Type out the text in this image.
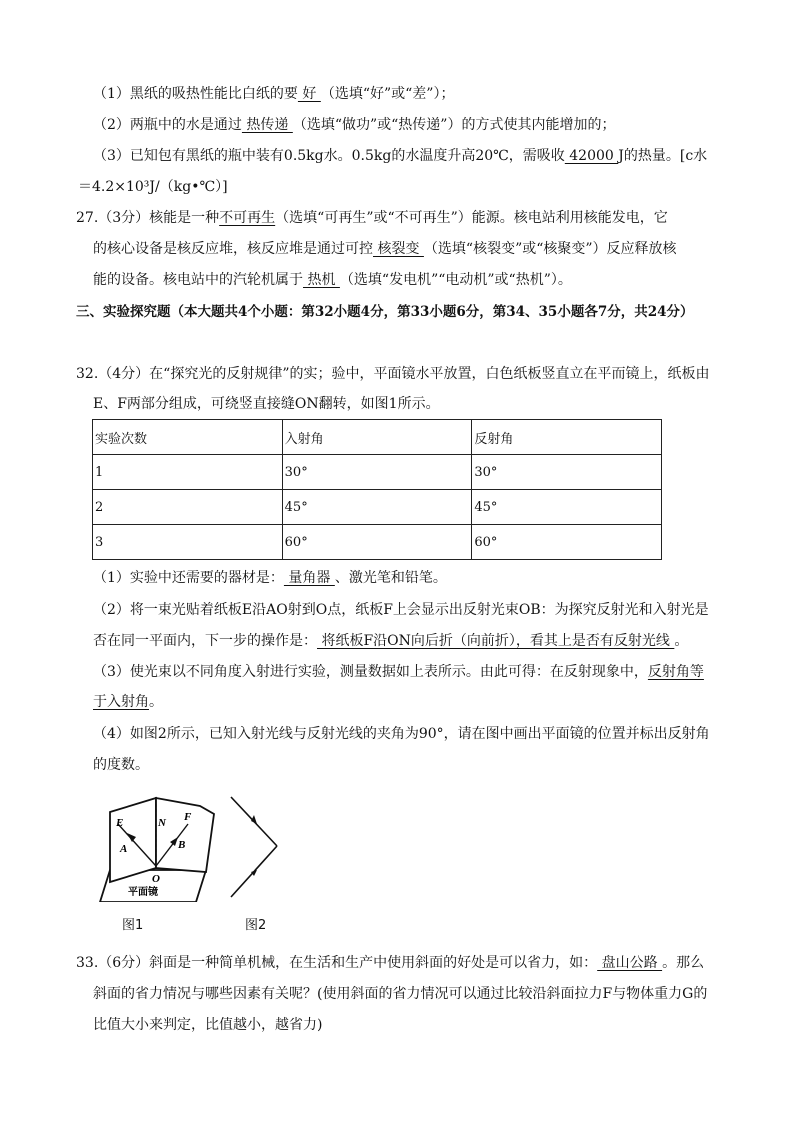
（1）黑纸的吸热性能比白纸的要 好 （选填“好”或“差”）；
（2）两瓶中的水是通过 热传递 （选填“做功”或“热传递”）的方式使其内能增加的；
（3）已知包有黑纸的瓶中装有0.5kg水。0.5kg的水温度升高20℃，需吸收 42000 J的热量。[c水
＝4.2×10³J/（kg•℃）]
27.（3分）核能是一种不可再生（选填“可再生”或“不可再生”）能源。核电站利用核能发电，它
的核心设备是核反应堆，核反应堆是通过可控 核裂变 （选填“核裂变”或“核聚变”）反应释放核
能的设备。核电站中的汽轮机属于 热机 （选填“发电机”“电动机”或“热机”）。
三、实验探究题（本大题共4个小题：第32小题4分，第33小题6分，第34、35小题各7分，共24分）
32.（4分）在“探究光的反射规律”的实；验中，平面镜水平放置，白色纸板竖直立在平而镜上，纸板由
E、F两部分组成，可绕竖直接缝ON翻转，如图1所示。
实验次数	入射角	反射角
1	30°	30°
2	45°	45°
3	60°	60°
（1）实验中还需要的器材是： 量角器 、激光笔和铅笔。
（2）将一束光贴着纸板E沿AO射到O点，纸板F上会显示出反射光束OB：为探究反射光和入射光是
否在同一平面内，下一步的操作是： 将纸板F沿ON向后折（向前折），看其上是否有反射光线 。
（3）使光束以不同角度入射进行实验，测量数据如上表所示。由此可得：在反射现象中，反射角等
于入射角。
（4）如图2所示，已知入射光线与反射光线的夹角为90°，请在图中画出平面镜的位置并标出反射角
的度数。
E	N F
A	B
O
平面镜
图1	图2
33.（6分）斜面是一种简单机械，在生活和生产中使用斜面的好处是可以省力，如： 盘山公路 。那么
斜面的省力情况与哪些因素有关呢？(使用斜面的省力情况可以通过比较沿斜面拉力F与物体重力G的
比值大小来判定，比值越小，越省力)
